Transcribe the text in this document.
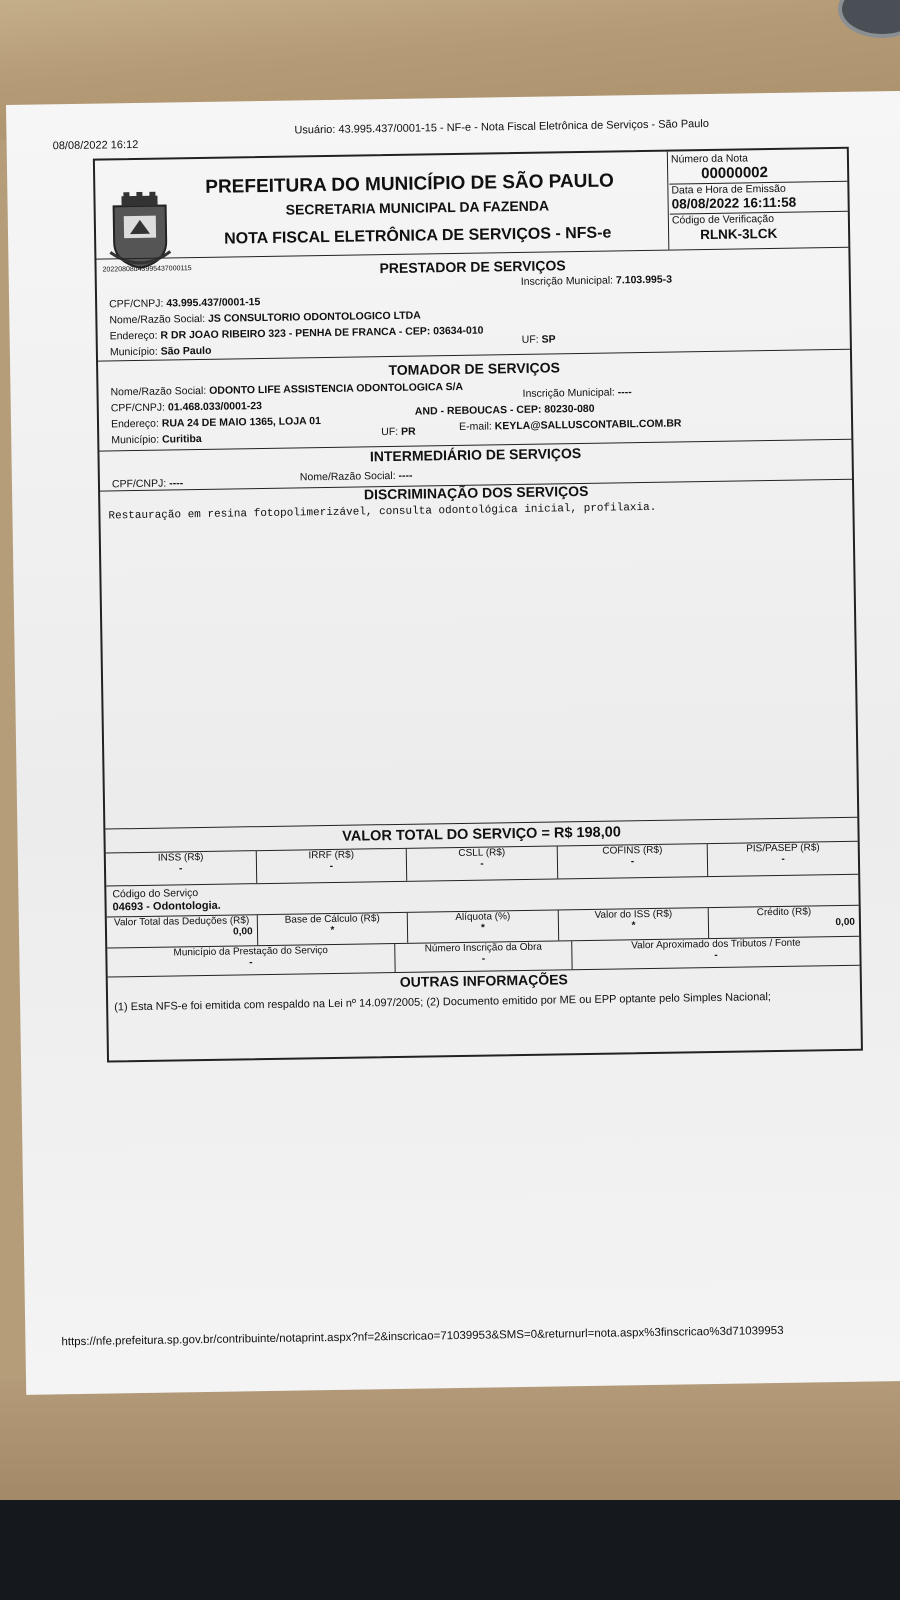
08/08/2022 16:12
Usuário: 43.995.437/0001-15 - NF-e - Nota Fiscal Eletrônica de Serviços - São Paulo
20220808u43995437000115
PREFEITURA DO MUNICÍPIO DE SÃO PAULO
SECRETARIA MUNICIPAL DA FAZENDA
NOTA FISCAL ELETRÔNICA DE SERVIÇOS - NFS-e
Número da Nota
00000002
Data e Hora de Emissão
08/08/2022 16:11:58
Código de Verificação
RLNK-3LCK
PRESTADOR DE SERVIÇOS
Inscrição Municipal: 7.103.995-3
CPF/CNPJ: 43.995.437/0001-15
Nome/Razão Social: JS CONSULTORIO ODONTOLOGICO LTDA
Endereço: R DR JOAO RIBEIRO 323 - PENHA DE FRANCA - CEP: 03634-010
Município: São Paulo
UF: SP
TOMADOR DE SERVIÇOS
Nome/Razão Social: ODONTO LIFE ASSISTENCIA ODONTOLOGICA S/A
CPF/CNPJ: 01.468.033/0001-23
Inscrição Municipal: ----
Endereço: RUA 24 DE MAIO 1365, LOJA 01
AND - REBOUCAS - CEP: 80230-080
Município: Curitiba
UF: PR	E-mail: KEYLA@SALLUSCONTABIL.COM.BR
INTERMEDIÁRIO DE SERVIÇOS
CPF/CNPJ: ----	Nome/Razão Social: ----
DISCRIMINAÇÃO DOS SERVIÇOS
Restauração em resina fotopolimerizável, consulta odontológica inicial, profilaxia.
VALOR TOTAL DO SERVIÇO = R$ 198,00
INSS (R$)
-
IRRF (R$)
-
CSLL (R$)
-
COFINS (R$)
-
PIS/PASEP (R$)
-
Código do Serviço
04693 - Odontologia.
Valor Total das Deduções (R$)
0,00
Base de Cálculo (R$)
*
Alíquota (%)
*
Valor do ISS (R$)
*
Crédito (R$)
0,00
Município da Prestação do Serviço
-
Número Inscrição da Obra
-
Valor Aproximado dos Tributos / Fonte
-
OUTRAS INFORMAÇÕES
(1) Esta NFS-e foi emitida com respaldo na Lei nº 14.097/2005; (2) Documento emitido por ME ou EPP optante pelo Simples Nacional;
https://nfe.prefeitura.sp.gov.br/contribuinte/notaprint.aspx?nf=2&inscricao=71039953&SMS=0&returnurl=nota.aspx%3finscricao%3d71039953
